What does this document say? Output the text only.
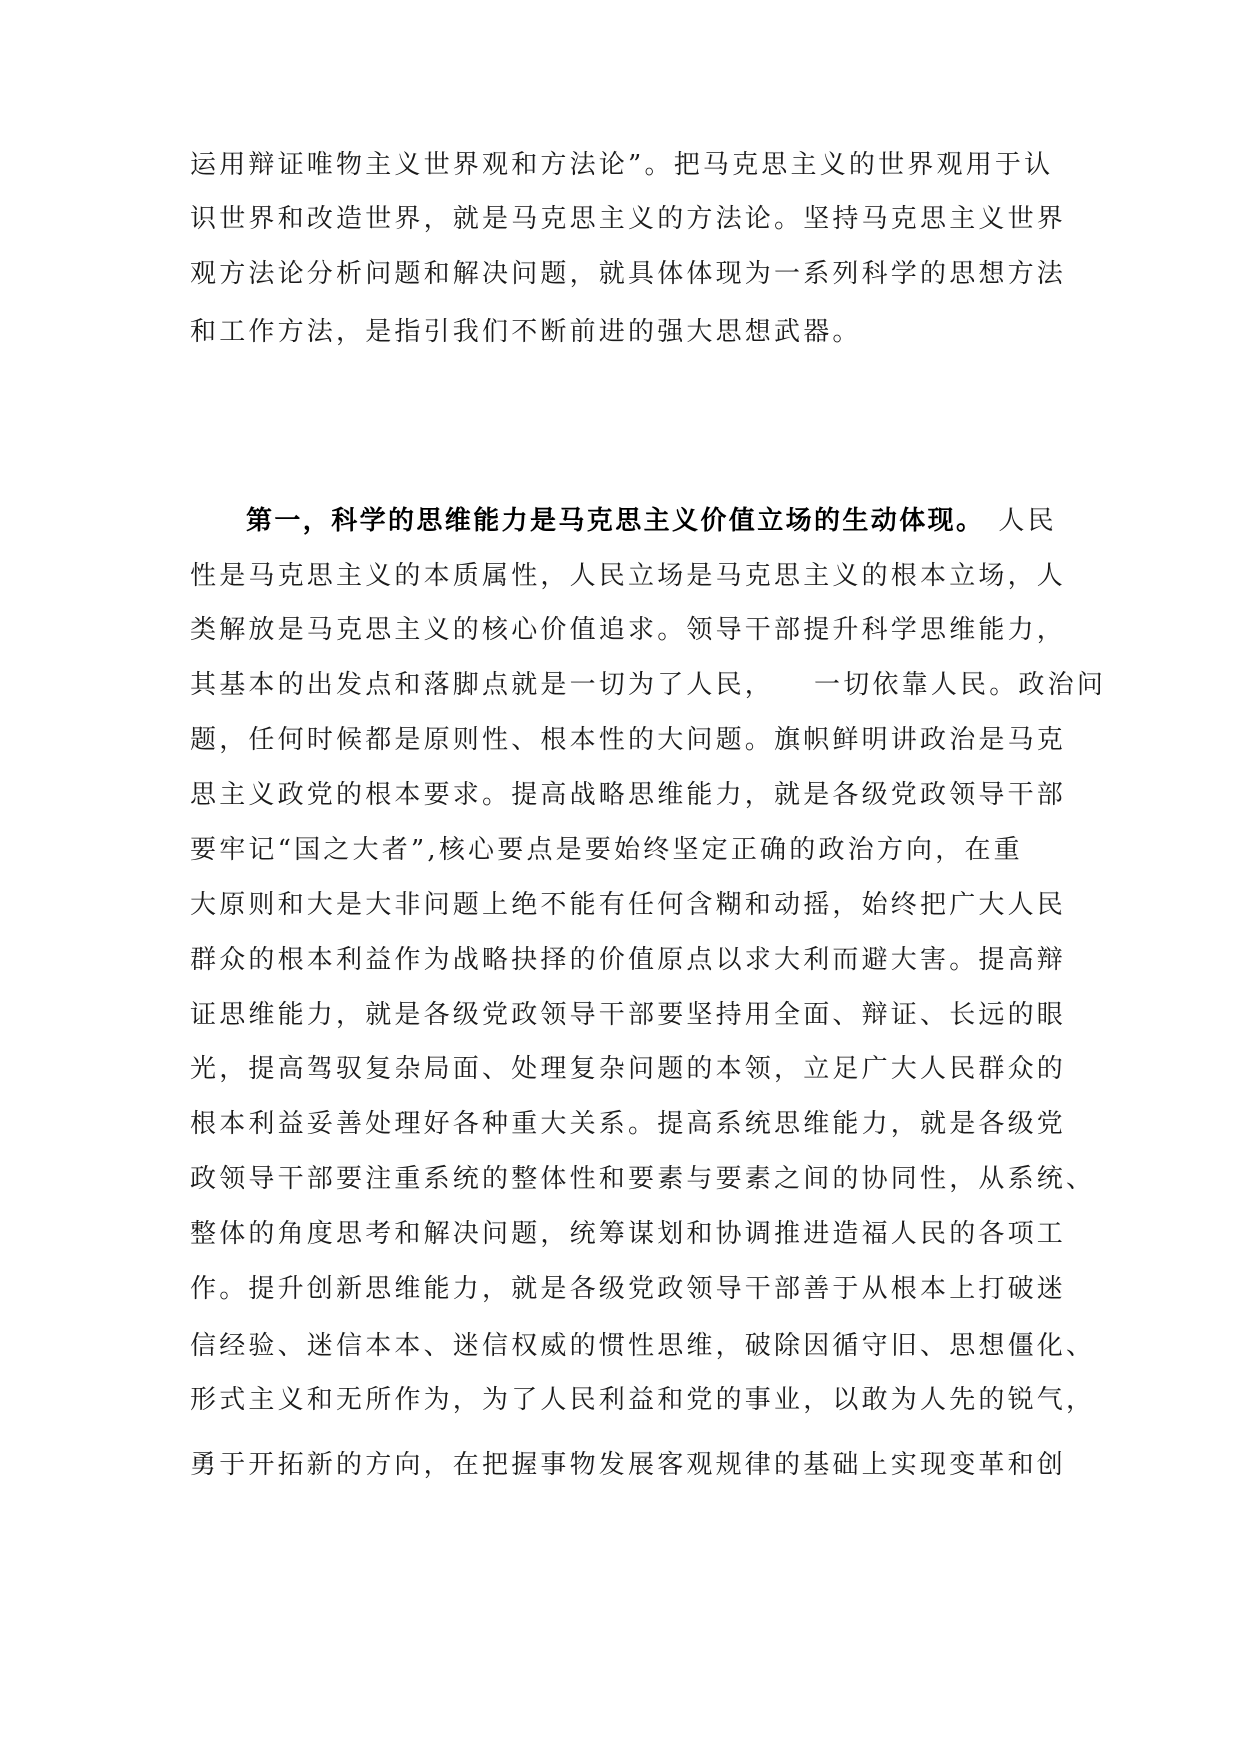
运用辩证唯物主义世界观和方法论”。把马克思主义的世界观用于认
识世界和改造世界，就是马克思主义的方法论。坚持马克思主义世界
观方法论分析问题和解决问题，就具体体现为一系列科学的思想方法
和工作方法，是指引我们不断前进的强大思想武器。
第一，科学的思维能力是马克思主义价值立场的生动体现。 人民
性是马克思主义的本质属性，人民立场是马克思主义的根本立场，人
类解放是马克思主义的核心价值追求。领导干部提升科学思维能力，
其基本的出发点和落脚点就是一切为了人民， 一切依靠人民。政治问
题，任何时候都是原则性、根本性的大问题。旗帜鲜明讲政治是马克
思主义政党的根本要求。提高战略思维能力，就是各级党政领导干部
要牢记“国之大者”,核心要点是要始终坚定正确的政治方向，在重
大原则和大是大非问题上绝不能有任何含糊和动摇，始终把广大人民
群众的根本利益作为战略抉择的价值原点以求大利而避大害。提高辩
证思维能力，就是各级党政领导干部要坚持用全面、辩证、长远的眼
光，提高驾驭复杂局面、处理复杂问题的本领，立足广大人民群众的
根本利益妥善处理好各种重大关系。提高系统思维能力，就是各级党
政领导干部要注重系统的整体性和要素与要素之间的协同性，从系统、
整体的角度思考和解决问题，统筹谋划和协调推进造福人民的各项工
作。提升创新思维能力，就是各级党政领导干部善于从根本上打破迷
信经验、迷信本本、迷信权威的惯性思维，破除因循守旧、思想僵化、
形式主义和无所作为，为了人民利益和党的事业，以敢为人先的锐气，
勇于开拓新的方向，在把握事物发展客观规律的基础上实现变革和创
